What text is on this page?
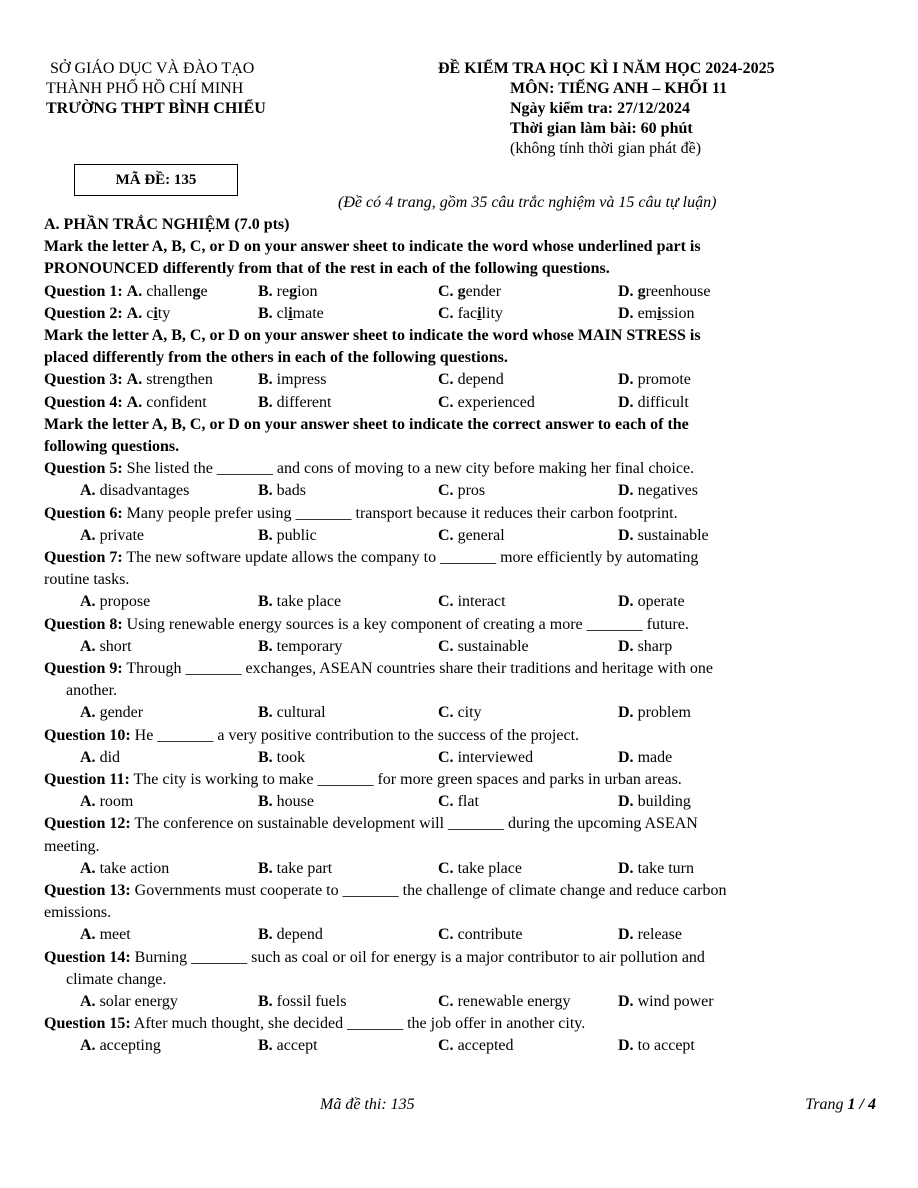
SỞ GIÁO DỤC VÀ ĐÀO TẠO
THÀNH PHỐ HỒ CHÍ MINH
TRƯỜNG THPT BÌNH CHIỂU
ĐỀ KIỂM TRA HỌC KÌ I NĂM HỌC 2024-2025
MÔN: TIẾNG ANH – KHỐI 11
Ngày kiểm tra: 27/12/2024
Thời gian làm bài: 60 phút
(không tính thời gian phát đề)
MÃ ĐỀ: 135
(Đề có 4 trang, gồm 35 câu trắc nghiệm và 15 câu tự luận)
A. PHẦN TRẮC NGHIỆM (7.0 pts)
Mark the letter A, B, C, or D on your answer sheet to indicate the word whose underlined part is
PRONOUNCED differently from that of the rest in each of the following questions.
Question 1: A. challenge	B. region	C. gender	D. greenhouse
Question 2: A. city	B. climate	C. facility	D. emission
Mark the letter A, B, C, or D on your answer sheet to indicate the word whose MAIN STRESS is
placed differently from the others in each of the following questions.
Question 3: A. strengthen	B. impress	C. depend	D. promote
Question 4: A. confident	B. different	C. experienced	D. difficult
Mark the letter A, B, C, or D on your answer sheet to indicate the correct answer to each of the
following questions.
Question 5: She listed the _______ and cons of moving to a new city before making her final choice.
A. disadvantages	B. bads	C. pros	D. negatives
Question 6: Many people prefer using _______ transport because it reduces their carbon footprint.
A. private	B. public	C. general	D. sustainable
Question 7: The new software update allows the company to _______ more efficiently by automating
routine tasks.
A. propose	B. take place	C. interact	D. operate
Question 8: Using renewable energy sources is a key component of creating a more _______ future.
A. short	B. temporary	C. sustainable	D. sharp
Question 9: Through _______ exchanges, ASEAN countries share their traditions and heritage with one
another.
A. gender	B. cultural	C. city	D. problem
Question 10: He _______ a very positive contribution to the success of the project.
A. did	B. took	C. interviewed	D. made
Question 11: The city is working to make _______ for more green spaces and parks in urban areas.
A. room	B. house	C. flat	D. building
Question 12: The conference on sustainable development will _______ during the upcoming ASEAN
meeting.
A. take action	B. take part	C. take place	D. take turn
Question 13: Governments must cooperate to _______ the challenge of climate change and reduce carbon
emissions.
A. meet	B. depend	C. contribute	D. release
Question 14: Burning _______ such as coal or oil for energy is a major contributor to air pollution and
climate change.
A. solar energy	B. fossil fuels	C. renewable energy	D. wind power
Question 15: After much thought, she decided _______ the job offer in another city.
A. accepting	B. accept	C. accepted	D. to accept
Mã đề thi: 135	Trang 1 / 4
